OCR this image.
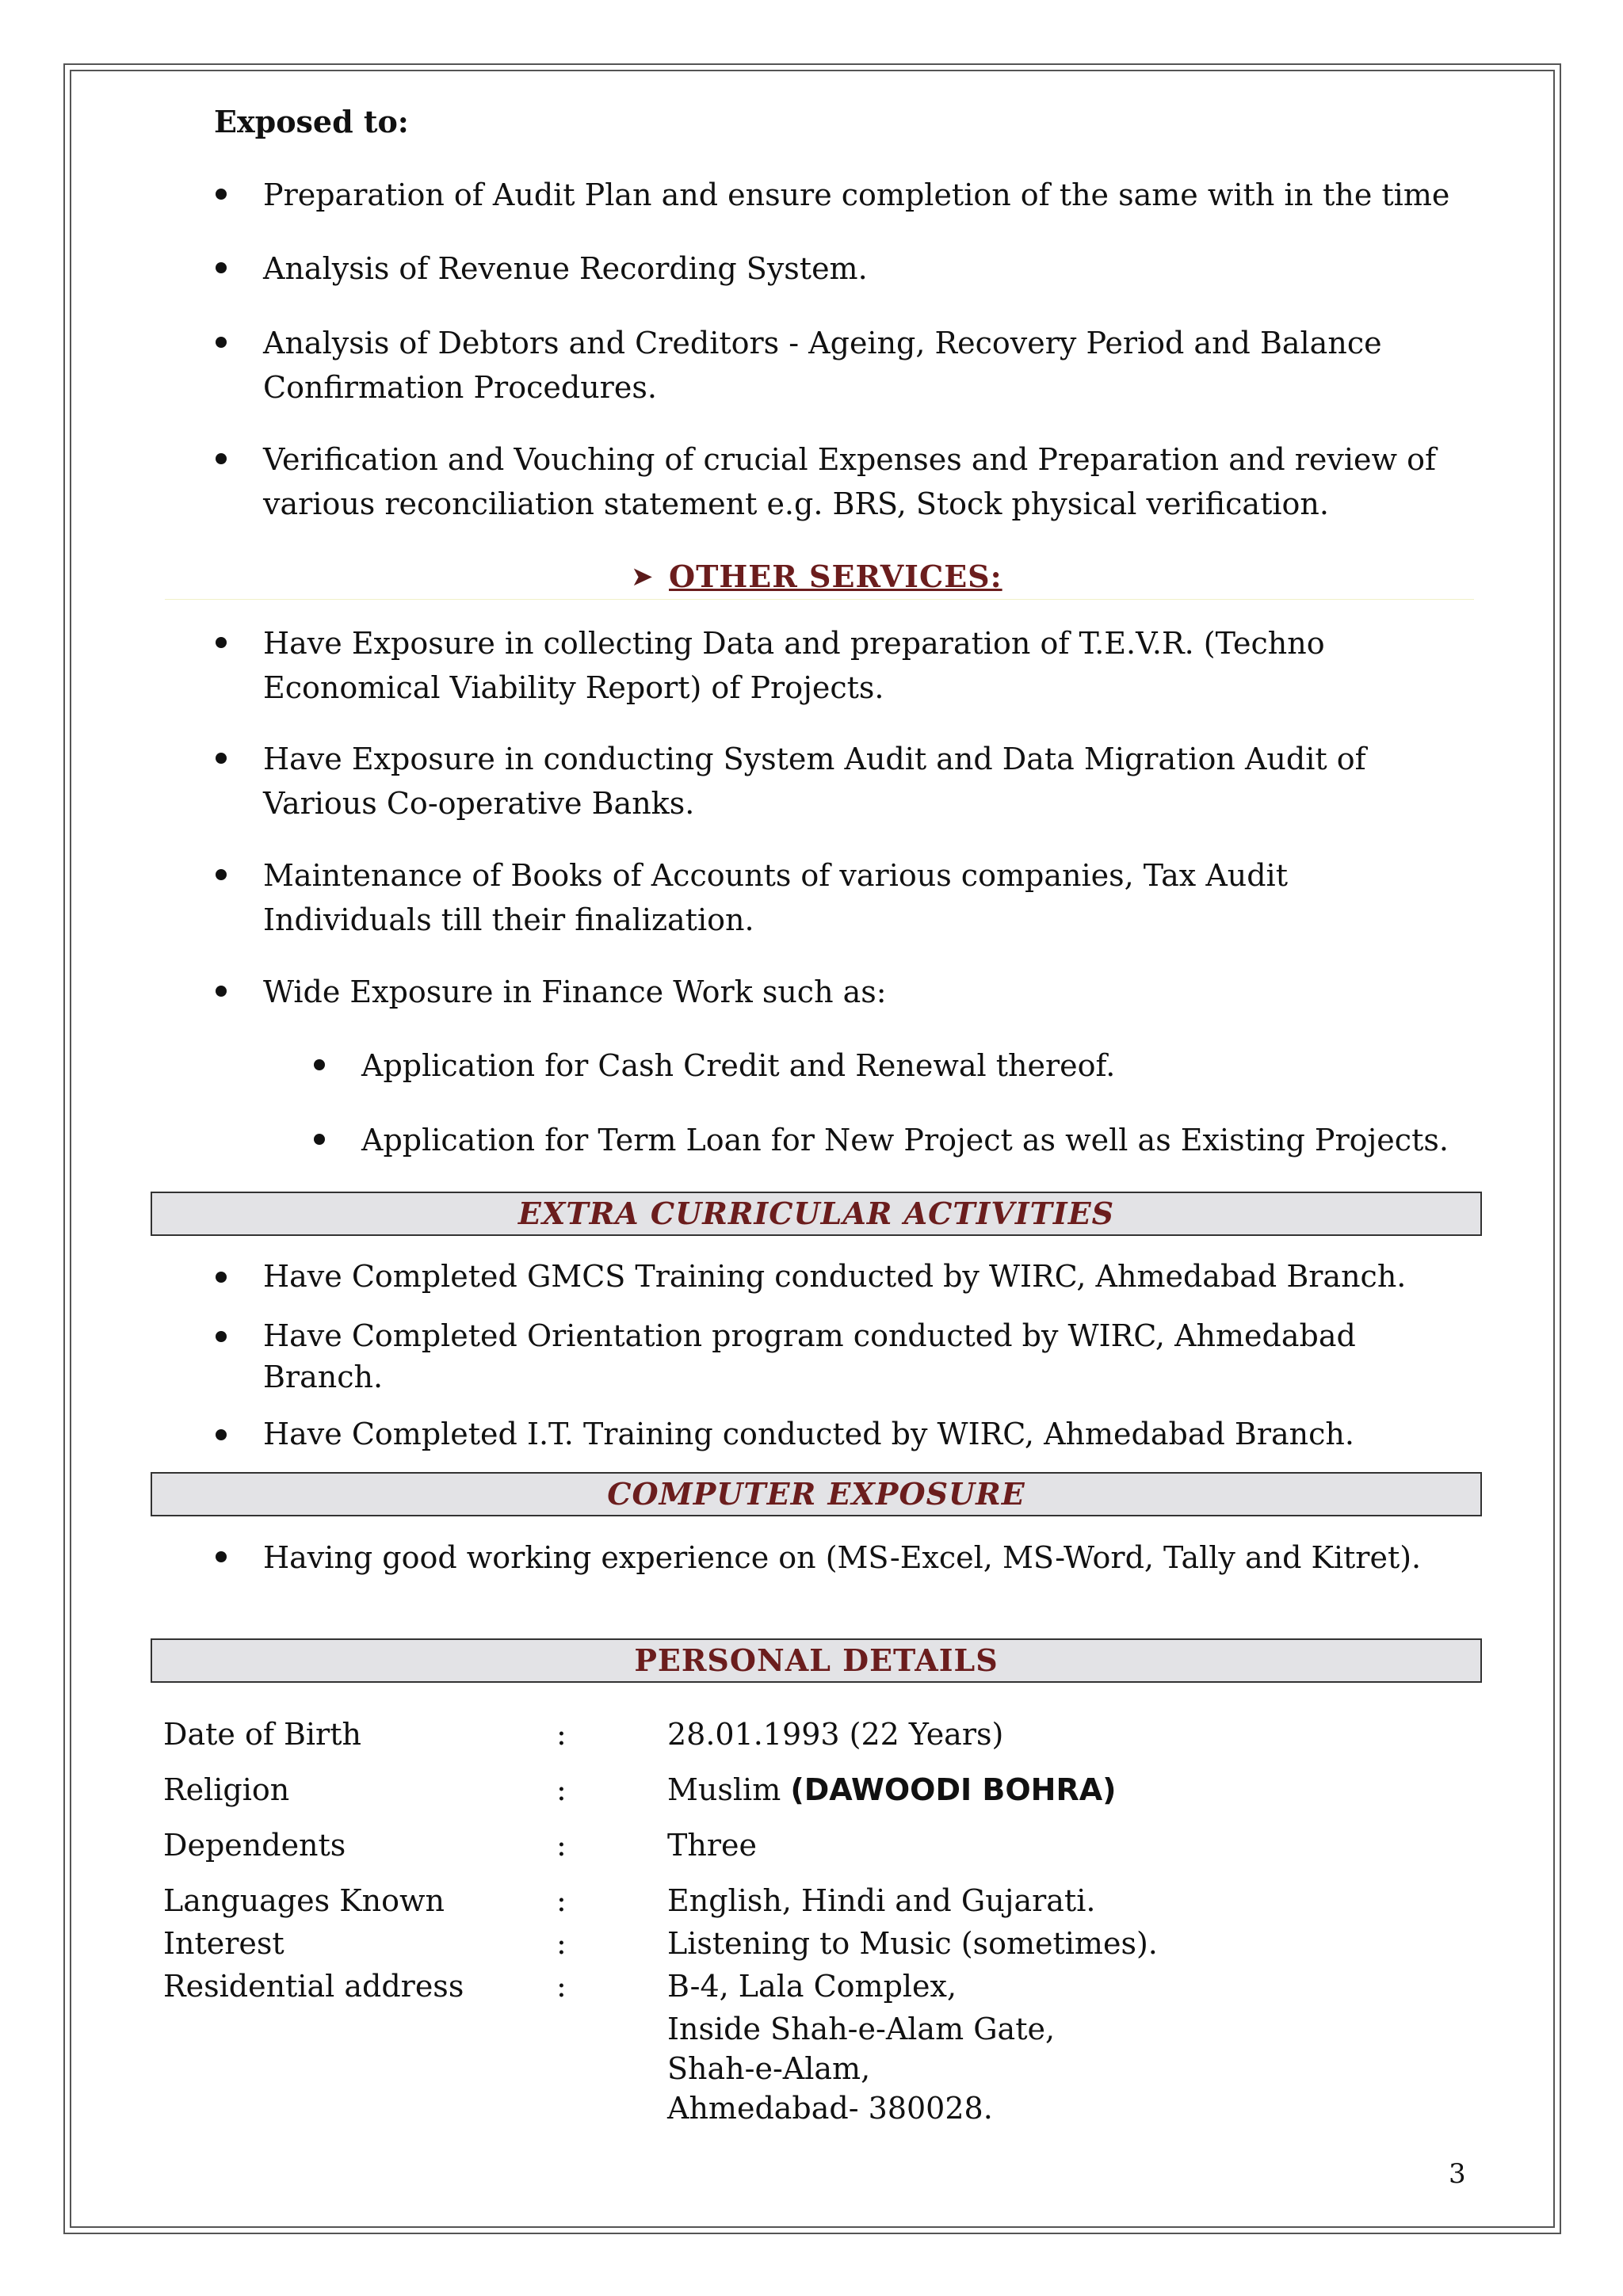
Exposed to:
Preparation of Audit Plan and ensure completion of the same with in the time
Analysis of Revenue Recording System.
Analysis of Debtors and Creditors - Ageing, Recovery Period and Balance
Confirmation Procedures.
Verification and Vouching of crucial Expenses and Preparation and review of
various reconciliation statement e.g. BRS, Stock physical verification.
➤ OTHER SERVICES:
Have Exposure in collecting Data and preparation of T.E.V.R. (Techno
Economical Viability Report) of Projects.
Have Exposure in conducting System Audit and Data Migration Audit of
Various Co-operative Banks.
Maintenance of Books of Accounts of various companies, Tax Audit
Individuals till their finalization.
Wide Exposure in Finance Work such as:
Application for Cash Credit and Renewal thereof.
Application for Term Loan for New Project as well as Existing Projects.
EXTRA CURRICULAR ACTIVITIES
Have Completed GMCS Training conducted by WIRC, Ahmedabad Branch.
Have Completed Orientation program conducted by WIRC, Ahmedabad
Branch.
Have Completed I.T. Training conducted by WIRC, Ahmedabad Branch.
COMPUTER EXPOSURE
Having good working experience on (MS-Excel, MS-Word, Tally and Kitret).
PERSONAL DETAILS
Date of Birth	:	28.01.1993 (22 Years)
Religion	:	Muslim (DAWOODI BOHRA)
Dependents	:	Three
Languages Known	:	English, Hindi and Gujarati.
Interest	:	Listening to Music (sometimes).
Residential address	:	B-4, Lala Complex,
Inside Shah-e-Alam Gate,
Shah-e-Alam,
Ahmedabad- 380028.
3
